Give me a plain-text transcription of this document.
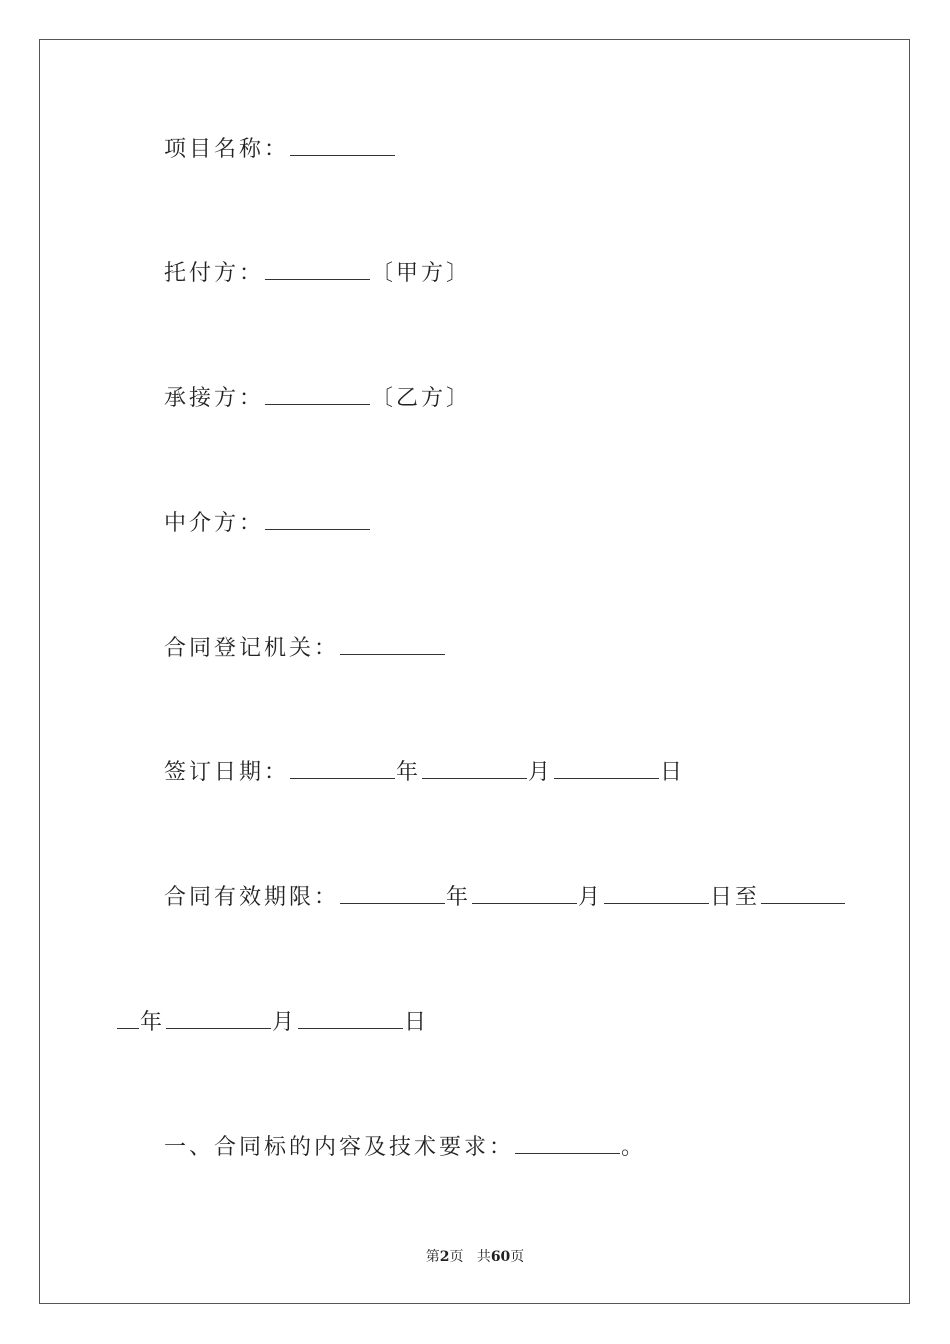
项目名称：
托付方：	〔甲方〕
承接方：	〔乙方〕
中介方：
合同登记机关：
签订日期：	年	月	日
合同有效期限：	年	月	日至
年	月	日
一、合同标的内容及技术要求：	。
第2页 共60页
